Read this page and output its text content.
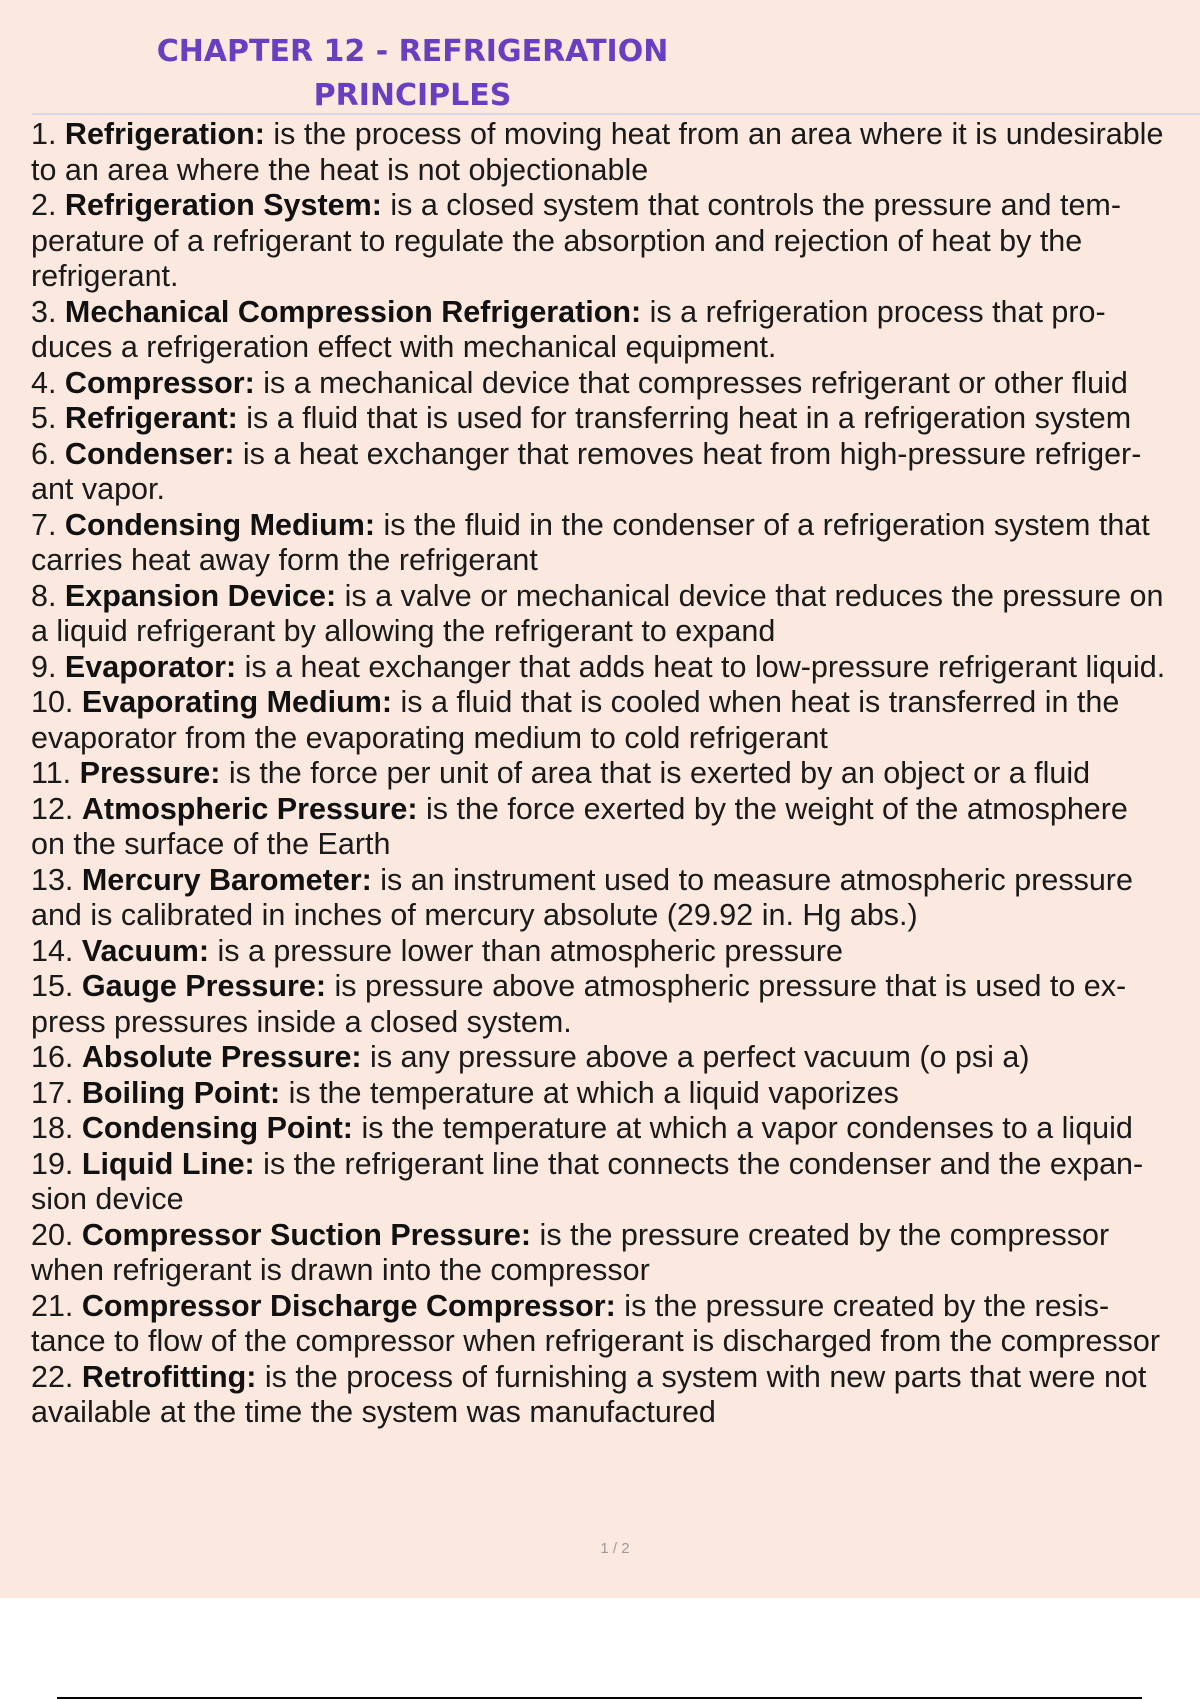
CHAPTER 12 - REFRIGERATION
PRINCIPLES

1. Refrigeration: is the process of moving heat from an area where it is undesirable

to an area where the heat is not objectionable

2. Refrigeration System: is a closed system that controls the pressure and tem-

perature of a refrigerant to regulate the absorption and rejection of heat by the

refrigerant.

3. Mechanical Compression Refrigeration: is a refrigeration process that pro-

duces a refrigeration effect with mechanical equipment.

4. Compressor: is a mechanical device that compresses refrigerant or other fluid

5. Refrigerant: is a fluid that is used for transferring heat in a refrigeration system

6. Condenser: is a heat exchanger that removes heat from high-pressure refriger-

ant vapor.

7. Condensing Medium: is the fluid in the condenser of a refrigeration system that

carries heat away form the refrigerant

8. Expansion Device: is a valve or mechanical device that reduces the pressure on

a liquid refrigerant by allowing the refrigerant to expand

9. Evaporator: is a heat exchanger that adds heat to low-pressure refrigerant liquid.

10. Evaporating Medium: is a fluid that is cooled when heat is transferred in the

evaporator from the evaporating medium to cold refrigerant

11. Pressure: is the force per unit of area that is exerted by an object or a fluid

12. Atmospheric Pressure: is the force exerted by the weight of the atmosphere

on the surface of the Earth

13. Mercury Barometer: is an instrument used to measure atmospheric pressure

and is calibrated in inches of mercury absolute (29.92 in. Hg abs.)

14. Vacuum: is a pressure lower than atmospheric pressure

15. Gauge Pressure: is pressure above atmospheric pressure that is used to ex-

press pressures inside a closed system.

16. Absolute Pressure: is any pressure above a perfect vacuum (o psi a)

17. Boiling Point: is the temperature at which a liquid vaporizes

18. Condensing Point: is the temperature at which a vapor condenses to a liquid

19. Liquid Line: is the refrigerant line that connects the condenser and the expan-

sion device

20. Compressor Suction Pressure: is the pressure created by the compressor

when refrigerant is drawn into the compressor

21. Compressor Discharge Compressor: is the pressure created by the resis-

tance to flow of the compressor when refrigerant is discharged from the compressor

22. Retrofitting: is the process of furnishing a system with new parts that were not

available at the time the system was manufactured

1 / 2
